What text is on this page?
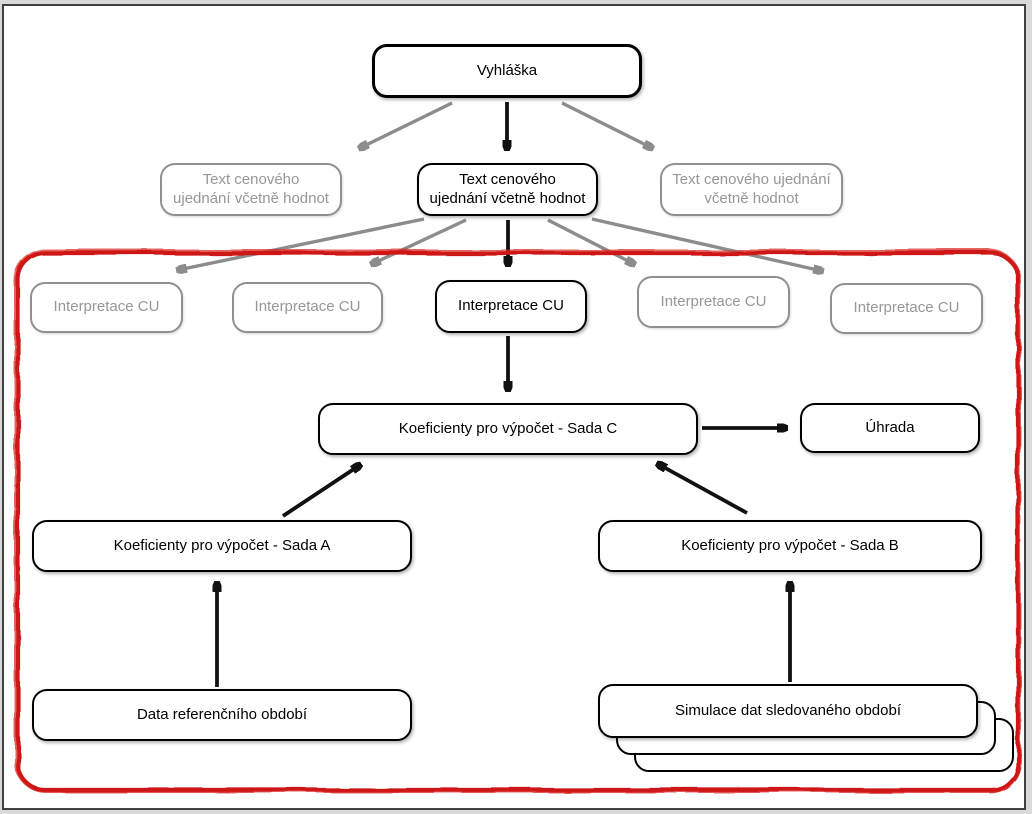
Vyhláška
Text cenového ujednání včetně hodnot
Text cenového ujednání včetně hodnot
Text cenového ujednání včetně hodnot
Interpretace CU	Interpretace CU	Interpretace CU	Interpretace CU	Interpretace CU
Koeficienty pro výpočet - Sada C	Úhrada
Koeficienty pro výpočet - Sada A	Koeficienty pro výpočet - Sada B
Data referenčního období	Simulace dat sledovaného období
